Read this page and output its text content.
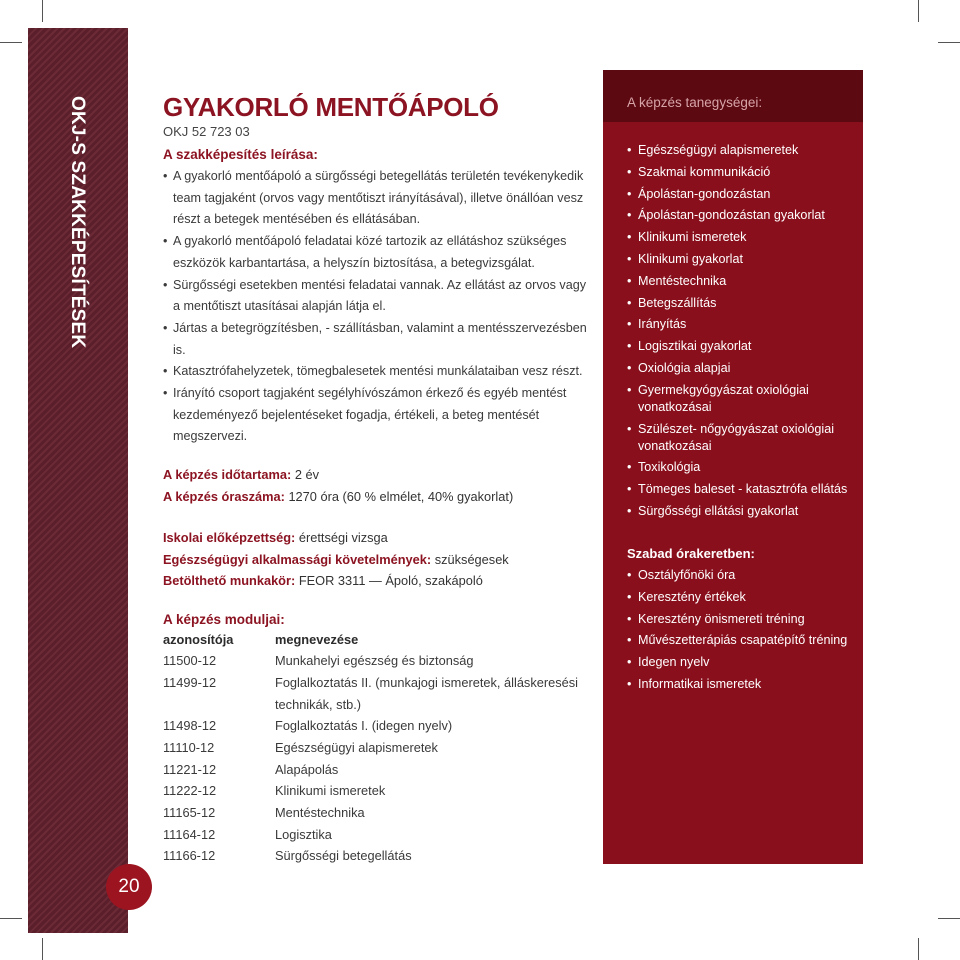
OKJ-S SZAKKÉPESÍTÉSEK
20
GYAKORLÓ MENTŐÁPOLÓ
OKJ 52 723 03
A szakképesítés leírása:
• A gyakorló mentőápoló a sürgősségi betegellátás területén tevékenykedik team tagjaként (orvos vagy mentőtiszt irányításával), illetve önállóan vesz részt a betegek mentésében és ellátásában.
• A gyakorló mentőápoló feladatai közé tartozik az ellátáshoz szükséges eszközök karbantartása, a helyszín biztosítása, a betegvizsgálat.
• Sürgősségi esetekben mentési feladatai vannak. Az ellátást az orvos vagy a mentőtiszt utasításai alapján látja el.
• Jártas a betegrögzítésben, - szállításban, valamint a mentésszervezésben is.
• Katasztrófahelyzetek, tömegbalesetek mentési munkálataiban vesz részt.
• Irányító csoport tagjaként segélyhívószámon érkező és egyéb mentést kezdeményező bejelentéseket fogadja, értékeli, a beteg mentését megszervezi.
A képzés időtartama: 2 év
A képzés óraszáma: 1270 óra (60 % elmélet, 40% gyakorlat)
Iskolai előképzettség: érettségi vizsga
Egészségügyi alkalmassági követelmények: szükségesek
Betölthető munkakör: FEOR 3311 — Ápoló, szakápoló
A képzés moduljai:
azonosítója	megnevezése
11500-12	Munkahelyi egészség és biztonság
11499-12	Foglalkoztatás II. (munkajogi ismeretek, álláskeresési technikák, stb.)
11498-12	Foglalkoztatás I. (idegen nyelv)
11110-12	Egészségügyi alapismeretek
11221-12	Alapápolás
11222-12	Klinikumi ismeretek
11165-12	Mentéstechnika
11164-12	Logisztika
11166-12	Sürgősségi betegellátás
A képzés tanegységei:
• Egészségügyi alapismeretek
• Szakmai kommunikáció
• Ápolástan-gondozástan
• Ápolástan-gondozástan gyakorlat
• Klinikumi ismeretek
• Klinikumi gyakorlat
• Mentéstechnika
• Betegszállítás
• Irányítás
• Logisztikai gyakorlat
• Oxiológia alapjai
• Gyermekgyógyászat oxiológiai vonatkozásai
• Szülészet- nőgyógyászat oxiológiai vonatkozásai
• Toxikológia
• Tömeges baleset - katasztrófa ellátás
• Sürgősségi ellátási gyakorlat
Szabad órakeretben:
• Osztályfőnöki óra
• Keresztény értékek
• Keresztény önismereti tréning
• Művészetterápiás csapatépítő tréning
• Idegen nyelv
• Informatikai ismeretek
